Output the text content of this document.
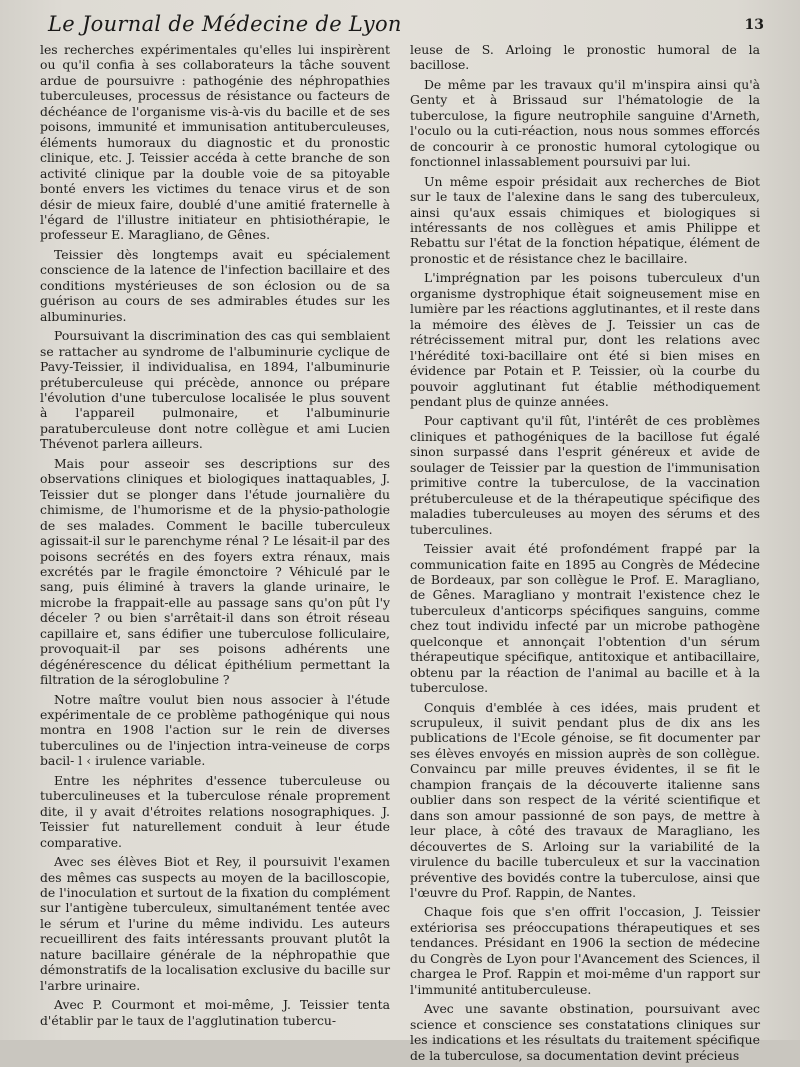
Le Journal de Médecine de Lyon	13

les recherches expérimentales qu'elles lui inspirèrent ou qu'il confia à ses collaborateurs la tâche souvent ardue de poursuivre : pathogénie des néphropathies tuberculeuses, processus de résistance ou facteurs de déchéance de l'organisme vis-à-vis du bacille et de ses poisons, immunité et immunisation antituberculeuses, éléments humoraux du diagnostic et du pronostic clinique, etc. J. Teissier accéda à cette branche de son activité clinique par la double voie de sa pitoyable bonté envers les victimes du tenace virus et de son désir de mieux faire, doublé d'une amitié fraternelle à l'égard de l'illustre initiateur en phtisiothérapie, le professeur E. Maragliano, de Gênes.

Teissier dès longtemps avait eu spécialement conscience de la latence de l'infection bacillaire et des conditions mystérieuses de son éclosion ou de sa guérison au cours de ses admirables études sur les albuminuries.

Poursuivant la discrimination des cas qui semblaient se rattacher au syndrome de l'albuminurie cyclique de Pavy-Teissier, il individualisa, en 1894, l'albuminurie prétuberculeuse qui précède, annonce ou prépare l'évolution d'une tuberculose localisée le plus souvent à l'appareil pulmonaire, et l'albuminurie paratuberculeuse dont notre collègue et ami Lucien Thévenot parlera ailleurs.

Mais pour asseoir ses descriptions sur des observations cliniques et biologiques inattaquables, J. Teissier dut se plonger dans l'étude journalière du chimisme, de l'humorisme et de la physio-pathologie de ses malades. Comment le bacille tuberculeux agissait-il sur le parenchyme rénal ? Le lésait-il par des poisons secrétés en des foyers extra rénaux, mais excrétés par le fragile émonctoire ? Véhiculé par le sang, puis éliminé à travers la glande urinaire, le microbe la frappait-elle au passage sans qu'on pût l'y déceler ? ou bien s'arrêtait-il dans son étroit réseau capillaire et, sans édifier une tuberculose folliculaire, provoquait-il par ses poisons adhérents une dégénérescence du délicat épithélium permettant la filtration de la séroglobuline ?

Notre maître voulut bien nous associer à l'étude expérimentale de ce problème pathogénique qui nous montra en 1908 l'action sur le rein de diverses tuberculines ou de l'injection intra-veineuse de corps bacil- l ‹ irulence variable.

Entre les néphrites d'essence tuberculeuse ou tuberculineuses et la tuberculose rénale proprement dite, il y avait d'étroites relations nosographiques. J. Teissier fut naturellement conduit à leur étude comparative.

Avec ses élèves Biot et Rey, il poursuivit l'examen des mêmes cas suspects au moyen de la bacilloscopie, de l'inoculation et surtout de la fixation du complément sur l'antigène tuberculeux, simultanément tentée avec le sérum et l'urine du même individu. Les auteurs recueillirent des faits intéressants prouvant plutôt la nature bacillaire générale de la néphropathie que démonstratifs de la localisation exclusive du bacille sur l'arbre urinaire.

Avec P. Courmont et moi-même, J. Teissier tenta d'établir par le taux de l'agglutination tubercu-

leuse de S. Arloing le pronostic humoral de la bacillose.

De même par les travaux qu'il m'inspira ainsi qu'à Genty et à Brissaud sur l'hématologie de la tuberculose, la figure neutrophile sanguine d'Arneth, l'oculo ou la cuti-réaction, nous nous sommes efforcés de concourir à ce pronostic humoral cytologique ou fonctionnel inlassablement poursuivi par lui.

Un même espoir présidait aux recherches de Biot sur le taux de l'alexine dans le sang des tuberculeux, ainsi qu'aux essais chimiques et biologiques si intéressants de nos collègues et amis Philippe et Rebattu sur l'état de la fonction hépatique, élément de pronostic et de résistance chez le bacillaire.

L'imprégnation par les poisons tuberculeux d'un organisme dystrophique était soigneusement mise en lumière par les réactions agglutinantes, et il reste dans la mémoire des élèves de J. Teissier un cas de rétrécissement mitral pur, dont les relations avec l'hérédité toxi-bacillaire ont été si bien mises en évidence par Potain et P. Teissier, où la courbe du pouvoir agglutinant fut établie méthodiquement pendant plus de quinze années.

Pour captivant qu'il fût, l'intérêt de ces problèmes cliniques et pathogéniques de la bacillose fut égalé sinon surpassé dans l'esprit généreux et avide de soulager de Teissier par la question de l'immunisation primitive contre la tuberculose, de la vaccination prétuberculeuse et de la thérapeutique spécifique des maladies tuberculeuses au moyen des sérums et des tuberculines.

Teissier avait été profondément frappé par la communication faite en 1895 au Congrès de Médecine de Bordeaux, par son collègue le Prof. E. Maragliano, de Gênes. Maragliano y montrait l'existence chez le tuberculeux d'anticorps spécifiques sanguins, comme chez tout individu infecté par un microbe pathogène quelconque et annonçait l'obtention d'un sérum thérapeutique spécifique, antitoxique et antibacillaire, obtenu par la réaction de l'animal au bacille et à la tuberculose.

Conquis d'emblée à ces idées, mais prudent et scrupuleux, il suivit pendant plus de dix ans les publications de l'Ecole génoise, se fit documenter par ses élèves envoyés en mission auprès de son collègue. Convaincu par mille preuves évidentes, il se fit le champion français de la découverte italienne sans oublier dans son respect de la vérité scientifique et dans son amour passionné de son pays, de mettre à leur place, à côté des travaux de Maragliano, les découvertes de S. Arloing sur la variabilité de la virulence du bacille tuberculeux et sur la vaccination préventive des bovidés contre la tuberculose, ainsi que l'œuvre du Prof. Rappin, de Nantes.

Chaque fois que s'en offrit l'occasion, J. Teissier extériorisa ses préoccupations thérapeutiques et ses tendances. Présidant en 1906 la section de médecine du Congrès de Lyon pour l'Avancement des Sciences, il chargea le Prof. Rappin et moi-même d'un rapport sur l'immunité antituberculeuse.

Avec une savante obstination, poursuivant avec science et conscience ses constatations cliniques sur les indications et les résultats du traitement spécifique de la tuberculose, sa documentation devint précieus
